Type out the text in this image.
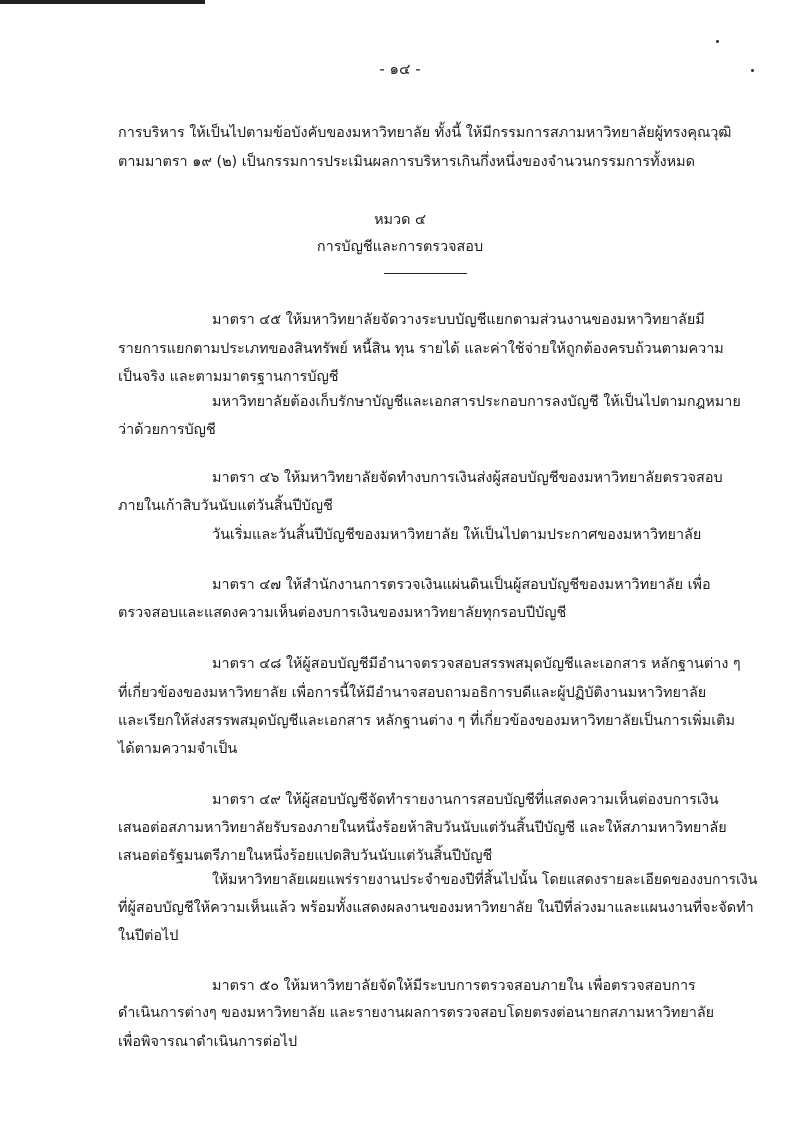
- ๑๔ -
การบริหาร ให้เป็นไปตามข้อบังคับของมหาวิทยาลัย ทั้งนี้ ให้มีกรรมการสภามหาวิทยาลัยผู้ทรงคุณวุฒิ
ตามมาตรา ๑๙ (๒) เป็นกรรมการประเมินผลการบริหารเกินกึ่งหนึ่งของจำนวนกรรมการทั้งหมด
หมวด ๔
การบัญชีและการตรวจสอบ
มาตรา ๔๕ ให้มหาวิทยาลัยจัดวางระบบบัญชีแยกตามส่วนงานของมหาวิทยาลัยมี
รายการแยกตามประเภทของสินทรัพย์ หนี้สิน ทุน รายได้ และค่าใช้จ่ายให้ถูกต้องครบถ้วนตามความ
เป็นจริง และตามมาตรฐานการบัญชี
มหาวิทยาลัยต้องเก็บรักษาบัญชีและเอกสารประกอบการลงบัญชี ให้เป็นไปตามกฎหมาย
ว่าด้วยการบัญชี
มาตรา ๔๖ ให้มหาวิทยาลัยจัดทำงบการเงินส่งผู้สอบบัญชีของมหาวิทยาลัยตรวจสอบ
ภายในเก้าสิบวันนับแต่วันสิ้นปีบัญชี
วันเริ่มและวันสิ้นปีบัญชีของมหาวิทยาลัย ให้เป็นไปตามประกาศของมหาวิทยาลัย
มาตรา ๔๗ ให้สำนักงานการตรวจเงินแผ่นดินเป็นผู้สอบบัญชีของมหาวิทยาลัย เพื่อ
ตรวจสอบและแสดงความเห็นต่องบการเงินของมหาวิทยาลัยทุกรอบปีบัญชี
มาตรา ๔๘ ให้ผู้สอบบัญชีมีอำนาจตรวจสอบสรรพสมุดบัญชีและเอกสาร หลักฐานต่าง ๆ
ที่เกี่ยวข้องของมหาวิทยาลัย เพื่อการนี้ให้มีอำนาจสอบถามอธิการบดีและผู้ปฏิบัติงานมหาวิทยาลัย
และเรียกให้ส่งสรรพสมุดบัญชีและเอกสาร หลักฐานต่าง ๆ ที่เกี่ยวข้องของมหาวิทยาลัยเป็นการเพิ่มเติม
ได้ตามความจำเป็น
มาตรา ๔๙ ให้ผู้สอบบัญชีจัดทำรายงานการสอบบัญชีที่แสดงความเห็นต่องบการเงิน
เสนอต่อสภามหาวิทยาลัยรับรองภายในหนึ่งร้อยห้าสิบวันนับแต่วันสิ้นปีบัญชี และให้สภามหาวิทยาลัย
เสนอต่อรัฐมนตรีภายในหนึ่งร้อยแปดสิบวันนับแต่วันสิ้นปีบัญชี
ให้มหาวิทยาลัยเผยแพร่รายงานประจำของปีที่สิ้นไปนั้น โดยแสดงรายละเอียดของงบการเงิน
ที่ผู้สอบบัญชีให้ความเห็นแล้ว พร้อมทั้งแสดงผลงานของมหาวิทยาลัย ในปีที่ล่วงมาและแผนงานที่จะจัดทำ
ในปีต่อไป
มาตรา ๕๐ ให้มหาวิทยาลัยจัดให้มีระบบการตรวจสอบภายใน เพื่อตรวจสอบการ
ดำเนินการต่างๆ ของมหาวิทยาลัย และรายงานผลการตรวจสอบโดยตรงต่อนายกสภามหาวิทยาลัย
เพื่อพิจารณาดำเนินการต่อไป
